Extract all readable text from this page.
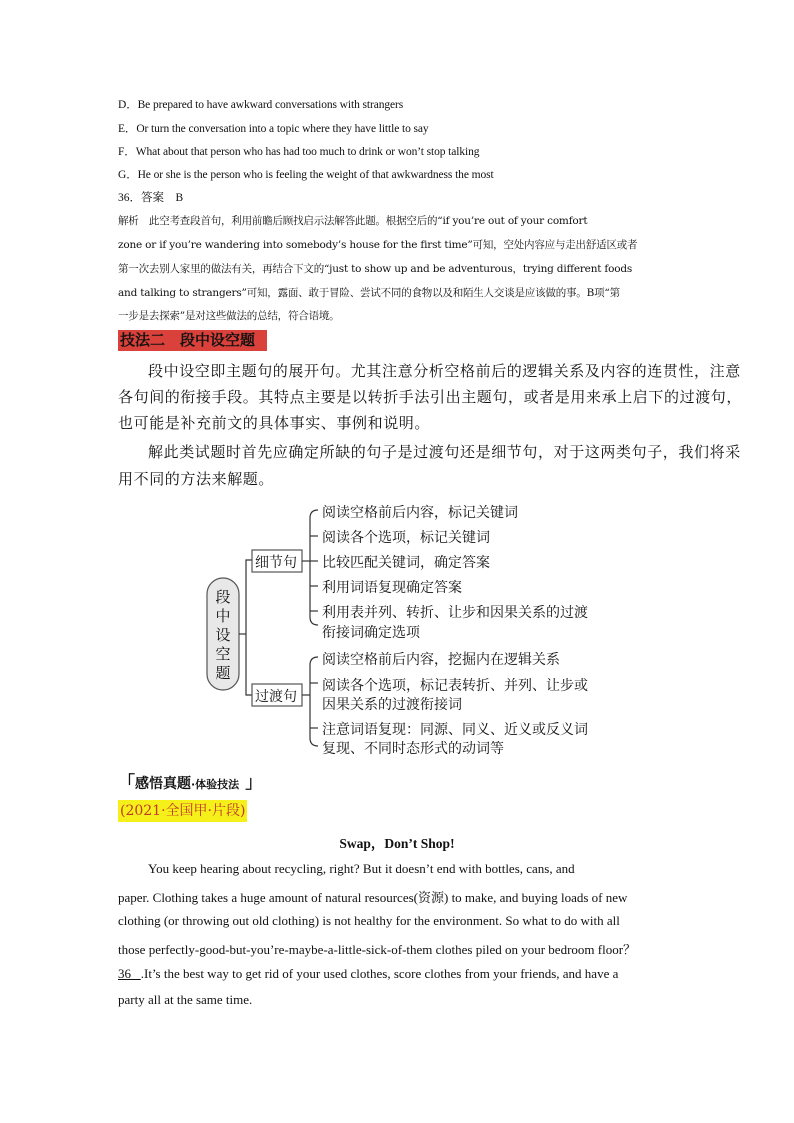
D．Be prepared to have awkward conversations with strangers
E．Or turn the conversation into a topic where they have little to say
F．What about that person who has had too much to drink or won’t stop talking
G．He or she is the person who is feeling the weight of that awkwardness the most
36．答案　B
解析　此空考查段首句，利用前瞻后顾找启示法解答此题。根据空后的“if you’re out of your comfort
zone or if you’re wandering into somebody’s house for the first time”可知，空处内容应与走出舒适区或者
第一次去别人家里的做法有关，再结合下文的“just to show up and be adventurous，trying different foods
and talking to strangers”可知，露面、敢于冒险、尝试不同的食物以及和陌生人交谈是应该做的事。B项“第
一步是去探索”是对这些做法的总结，符合语境。
技法二　段中设空题
段中设空即主题句的展开句。尤其注意分析空格前后的逻辑关系及内容的连贯性，注意
各句间的衔接手段。其特点主要是以转折手法引出主题句，或者是用来承上启下的过渡句，
也可能是补充前文的具体事实、事例和说明。
解此类试题时首先应确定所缺的句子是过渡句还是细节句，对于这两类句子，我们将采
用不同的方法来解题。
段
中
设
空
题
细节句
过渡句
阅读空格前后内容，标记关键词
阅读各个选项，标记关键词
比较匹配关键词，确定答案
利用词语复现确定答案
利用表并列、转折、让步和因果关系的过渡
衔接词确定选项
阅读空格前后内容，挖掘内在逻辑关系
阅读各个选项，标记表转折、并列、让步或
因果关系的过渡衔接词
注意词语复现：同源、同义、近义或反义词
复现、不同时态形式的动词等
「感悟真题·体验技法 」
(2021·全国甲·片段)
Swap，Don’t Shop!
You keep hearing about recycling, right? But it doesn’t end with bottles, cans, and
paper. Clothing takes a huge amount of natural resources(资源) to make, and buying loads of new
clothing (or throwing out old clothing) is not healthy for the environment. So what to do with all
those perfectly-good-but-you’re-maybe-a-little-sick-of-them clothes piled on your bedroom floor？
36 .It’s the best way to get rid of your used clothes, score clothes from your friends, and have a
party all at the same time.
